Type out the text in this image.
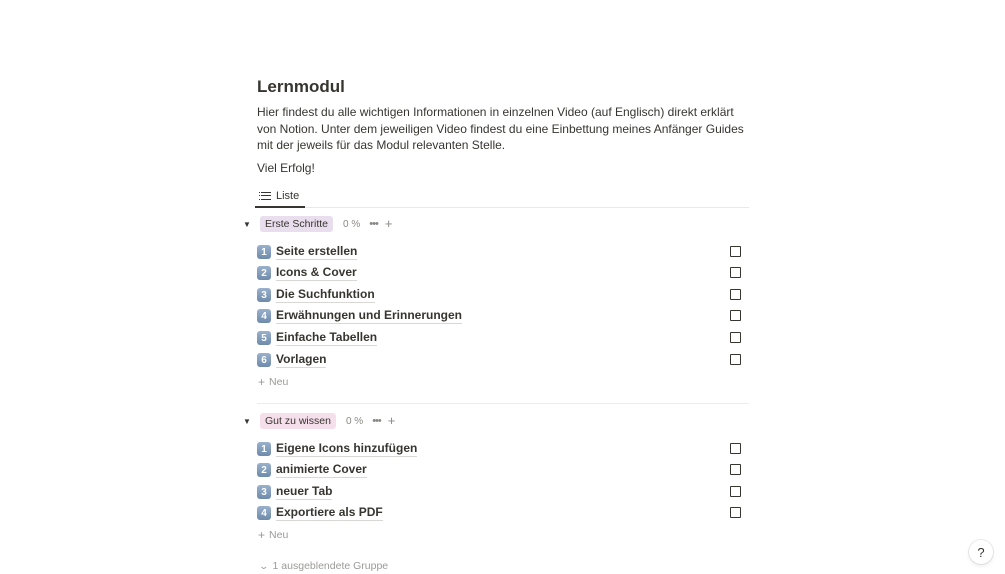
Lernmodul

Hier findest du alle wichtigen Informationen in einzelnen Video (auf Englisch) direkt erklärt von Notion. Unter dem jeweiligen Video findest du eine Einbettung meines Anfänger Guides mit der jeweils für das Modul relevanten Stelle.

Viel Erfolg!

Liste
▼	Erste Schritte	0 % ••• +
1 Seite erstellen
2 Icons & Cover
3 Die Suchfunktion
4 Erwähnungen und Erinnerungen
5 Einfache Tabellen
6 Vorlagen
+ Neu
▼	Gut zu wissen	0 % ••• +
1 Eigene Icons hinzufügen
2 animierte Cover
3 neuer Tab
4 Exportiere als PDF
+ Neu
⌄ 1 ausgeblendete Gruppe
?
